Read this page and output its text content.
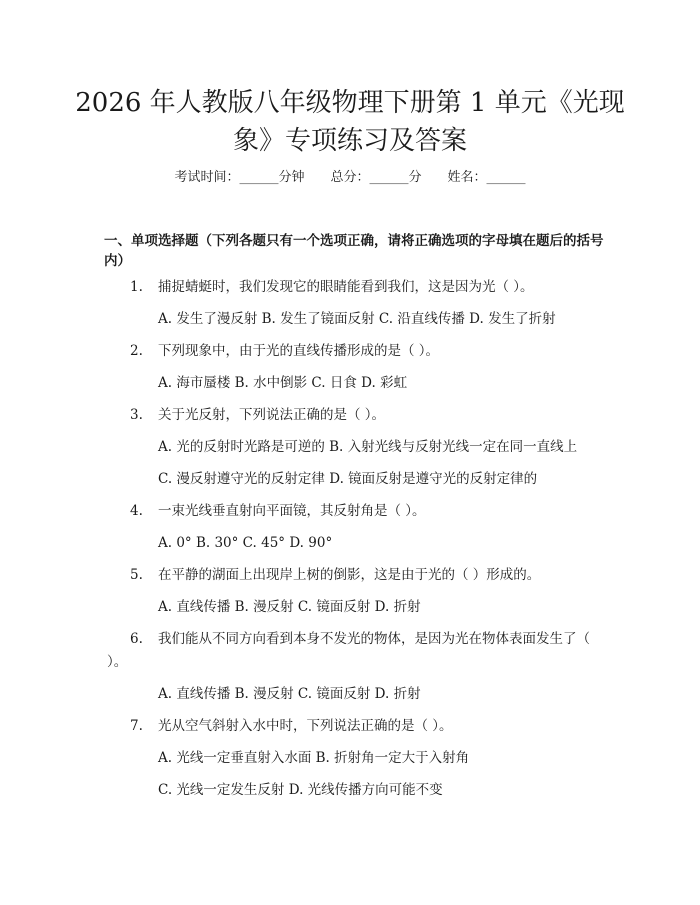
2026 年人教版八年级物理下册第 1 单元《光现象》专项练习及答案
考试时间：______分钟 总分：______分 姓名：______
一、单项选择题（下列各题只有一个选项正确，请将正确选项的字母填在题后的括号内）
1. 捕捉蜻蜓时，我们发现它的眼睛能看到我们，这是因为光（ ）。
A. 发生了漫反射 B. 发生了镜面反射 C. 沿直线传播 D. 发生了折射
2. 下列现象中，由于光的直线传播形成的是（ ）。
A. 海市蜃楼 B. 水中倒影 C. 日食 D. 彩虹
3. 关于光反射，下列说法正确的是（ ）。
A. 光的反射时光路是可逆的 B. 入射光线与反射光线一定在同一直线上
C. 漫反射遵守光的反射定律 D. 镜面反射是遵守光的反射定律的
4. 一束光线垂直射向平面镜，其反射角是（ ）。
A. 0° B. 30° C. 45° D. 90°
5. 在平静的湖面上出现岸上树的倒影，这是由于光的（ ）形成的。
A. 直线传播 B. 漫反射 C. 镜面反射 D. 折射
6. 我们能从不同方向看到本身不发光的物体，是因为光在物体表面发生了（ ）。
A. 直线传播 B. 漫反射 C. 镜面反射 D. 折射
7. 光从空气斜射入水中时，下列说法正确的是（ ）。
A. 光线一定垂直射入水面 B. 折射角一定大于入射角
C. 光线一定发生反射 D. 光线传播方向可能不变
